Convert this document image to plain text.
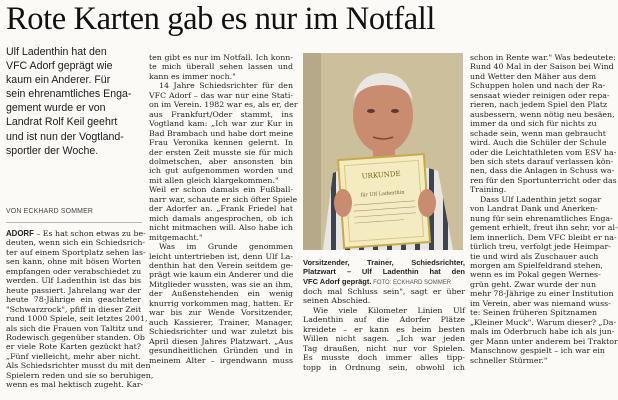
Rote Karten gab es nur im Notfall
Ulf Ladenthin hat den
VFC Adorf geprägt wie
kaum ein Anderer. Für
sein ehrenamtliches Enga-
gement wurde er von
Landrat Rolf Keil geehrt
und ist nun der Vogtland-
sportler der Woche.
VON ECKHARD SOMMER

ADORF – Es hat schon etwas zu be-

deuten, wenn sich ein Schiedsrich-

ter auf einem Sportplatz sehen las-

sen kann, ohne mit bösen Worten

empfangen oder verabschiedet zu

werden. Ulf Ladenthin ist das bis

heute passiert. Jahrelang war der

heute 78-Jährige ein geachteter

"Schwarzrock", pfiff in dieser Zeit

rund 1000 Spiele, seit letztes 2001,

als sich die Frauen von Taltitz und

Rodewisch gegenüber standen. Ob

er viele Rote Karten gezückt hat?

„Fünf vielleicht, mehr aber nicht.

Als Schiedsrichter musst du mit den

Spielern reden und sie so beruhigen,

wenn es mal hektisch zugeht. Kar-

ten gibt es nur im Notfall. Ich konn-

te mich überall sehen lassen und

kann es immer noch."

14 Jahre Schiedsrichter für den

VFC Adorf – das war nur eine Stati-

on im Verein. 1982 war es, als er, der

aus Frankfurt/Oder stammt, ins

Vogtland kam: „Ich war zur Kur in

Bad Brambach und habe dort meine

Frau Veronika kennen gelernt. In

der ersten Zeit musste sie für mich

dolmetschen, aber ansonsten bin

ich gut aufgenommen worden und

mit allen gleich klargekommen."

Weil er schon damals ein Fußball-

narr war, schaute er sich öfter Spiele

der Adorfer an. „Frank Friedel hat

mich damals angesprochen, ob ich

nicht mitmachen will. Also habe ich

mitgemacht."

Was im Grunde genommen

leicht untertrieben ist, denn Ulf La-

denthin hat den Verein seitdem ge-

prägt wie kaum ein Anderer und die

Mitglieder wussten, was sie an ihm,

der Außenstehenden ein wenig

knurrig vorkommen mag, hatten. Er

war bis zur Wende Vorsitzender,

auch Kassierer, Trainer, Manager,

Schiedsrichter und war zuletzt bis

April diesen Jahres Platzwart. „Aus

gesundheitlichen Gründen und in

meinem Alter – irgendwann muss

URKUNDE
für Ulf Ladenthin
Vorsitzender, Trainer, Schiedsrichter,
Platzwart – Ulf Ladenthin hat den
VFC Adorf geprägt. FOTO: ECKHARD SOMMER

doch mal Schluss sein", sagt er über

seinen Abschied.

Wie viele Kilometer Linien Ulf

Ladenthin auf die Adorfer Plätze

kreidete – er kann es beim besten

Willen nicht sagen. „Ich war jeden

Tag draußen, nicht nur vor Spielen.

Es musste doch immer alles tipp-

topp in Ordnung sein, obwohl ich

schon in Rente war." Was bedeutete:

Rund 40 Mal in der Saison bei Wind

und Wetter den Mäher aus dem

Schuppen holen und nach der Ra-

sensaat wieder reinigen oder repa-

rieren, nach jedem Spiel den Platz

ausbessern, wenn nötig neu besäen,

immer da und sich für nichts zu

schade sein, wenn man gebraucht

wird. Auch die Schüler der Schule

oder die Leichtathleten vom ESV ha-

ben sich stets darauf verlassen kön-

nen, dass die Anlagen in Schuss wa-

ren für den Sportunterricht oder das

Training.

Dass Ulf Ladenthin jetzt sogar

von Landrat Dank und Anerken-

nung für sein ehrenamtliches Enga-

gement erhielt, freut ihn sehr, vor al-

lem innerlich. Dem VFC bleibt er na-

türlich treu, verfolgt jede Heimpar-

tie und wird als Zuschauer auch

morgen am Spielfeldrand stehen,

wenn es im Pokal gegen Wernes-

grün geht. Zwar wurde der nun

mehr 78-Jährige zu einer Institution

im Verein, aber was niemand wuss-

te: Seinen früheren Spitznamen

„Kleiner Muck". Warum dieser? „Da-

mals im Oderbruch habe ich als jun-

ger Mann unter anderem bei Traktor

Manschnow gespielt – ich war ein

schneller Stürmer."
